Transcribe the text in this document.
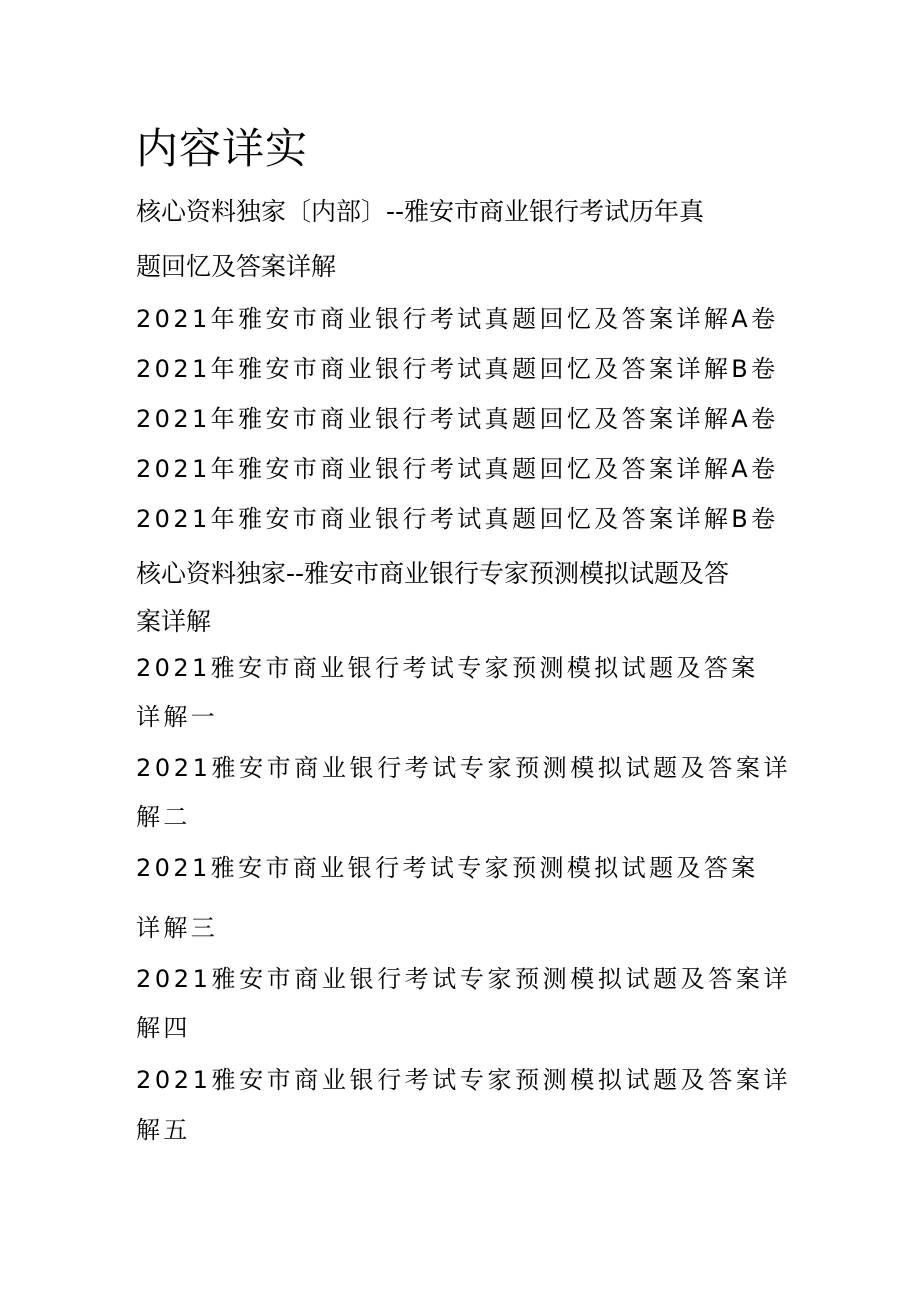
内容详实
核心资料独家〔内部〕--雅安市商业银行考试历年真
题回忆及答案详解
2021年雅安市商业银行考试真题回忆及答案详解A卷
2021年雅安市商业银行考试真题回忆及答案详解B卷
2021年雅安市商业银行考试真题回忆及答案详解A卷
2021年雅安市商业银行考试真题回忆及答案详解A卷
2021年雅安市商业银行考试真题回忆及答案详解B卷
核心资料独家--雅安市商业银行专家预测模拟试题及答
案详解
2021雅安市商业银行考试专家预测模拟试题及答案
详解一
2021雅安市商业银行考试专家预测模拟试题及答案详
解二
2021雅安市商业银行考试专家预测模拟试题及答案
详解三
2021雅安市商业银行考试专家预测模拟试题及答案详
解四
2021雅安市商业银行考试专家预测模拟试题及答案详
解五
